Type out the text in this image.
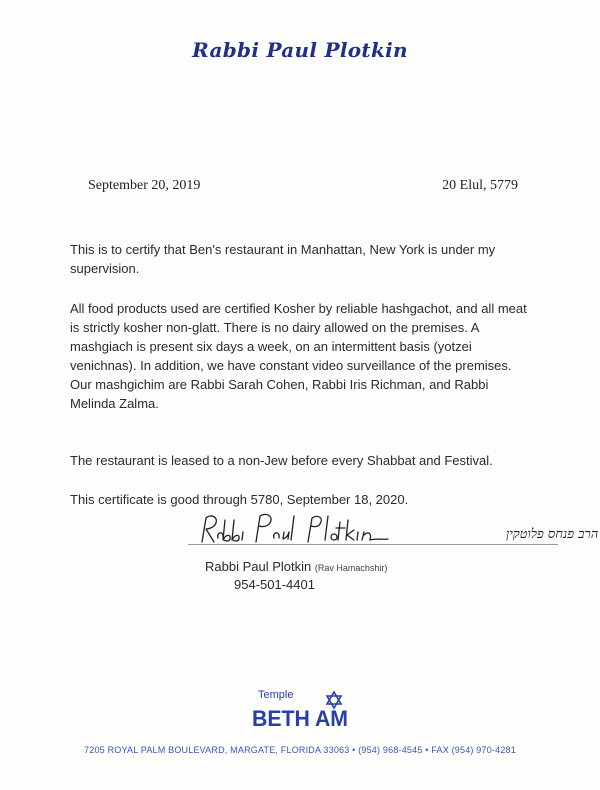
Rabbi Paul Plotkin
September 20, 2019	20 Elul, 5779

This is to certify that Ben's restaurant in Manhattan, New York is under my supervision.

All food products used are certified Kosher by reliable hashgachot, and all meat is strictly kosher non-glatt. There is no dairy allowed on the premises. A mashgiach is present six days a week, on an intermittent basis (yotzei venichnas). In addition, we have constant video surveillance of the premises. Our mashgichim are Rabbi Sarah Cohen, Rabbi Iris Richman, and Rabbi Melinda Zalma.

The restaurant is leased to a non-Jew before every Shabbat and Festival.

This certificate is good through 5780, September 18, 2020.

הרב פנחס פלוטקין
Rabbi Paul Plotkin (Rav Hamachshir)
954-501-4401
Temple
BETH AM
7205 ROYAL PALM BOULEVARD, MARGATE, FLORIDA 33063 • (954) 968-4545 • FAX (954) 970-4281
